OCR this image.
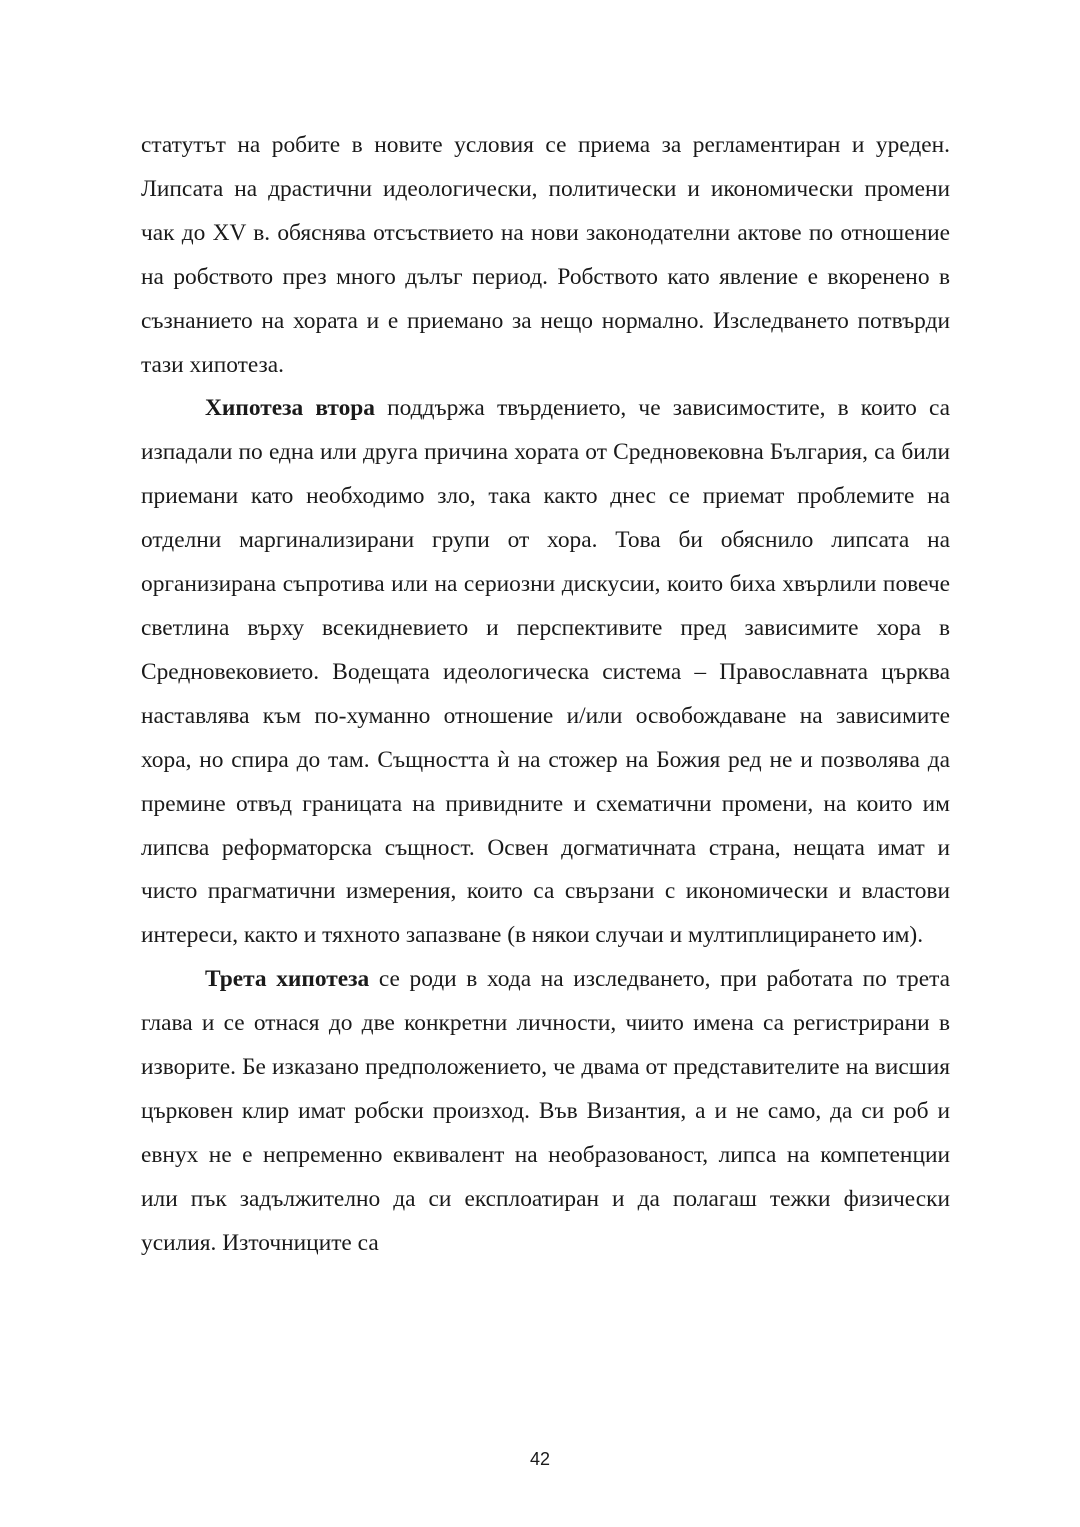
статутът на робите в новите условия се приема за регламентиран и уреден. Липсата на драстични идеологически, политически и икономически промени чак до XV в. обяснява отсъствието на нови законодателни актове по отношение на робството през много дълъг период. Робството като явление е вкоренено в съзнанието на хората и е приемано за нещо нормално. Изследването потвърди тази хипотеза.

Хипотеза втора поддържа твърдението, че зависимостите, в които са изпадали по една или друга причина хората от Средновековна България, са били приемани като необходимо зло, така както днес се приемат проблемите на отделни маргинализирани групи от хора. Това би обяснило липсата на организирана съпротива или на сериозни дискусии, които биха хвърлили повече светлина върху всекидневието и перспективите пред зависимите хора в Средновековието. Водещата идеологическа система – Православната църква наставлява към по-хуманно отношение и/или освобождаване на зависимите хора, но спира до там. Същността ѝ на стожер на Божия ред не и позволява да премине отвъд границата на привидните и схематични промени, на които им липсва реформаторска същност. Освен догматичната страна, нещата имат и чисто прагматични измерения, които са свързани с икономически и властови интереси, както и тяхното запазване (в някои случаи и мултиплицирането им).

Трета хипотеза се роди в хода на изследването, при работата по трета глава и се отнася до две конкретни личности, чиито имена са регистрирани в изворите. Бе изказано предположението, че двама от представителите на висшия църковен клир имат робски произход. Във Византия, а и не само, да си роб и евнух не е непременно еквивалент на необразованост, липса на компетенции или пък задължително да си експлоатиран и да полагаш тежки физически усилия. Източниците са

42
